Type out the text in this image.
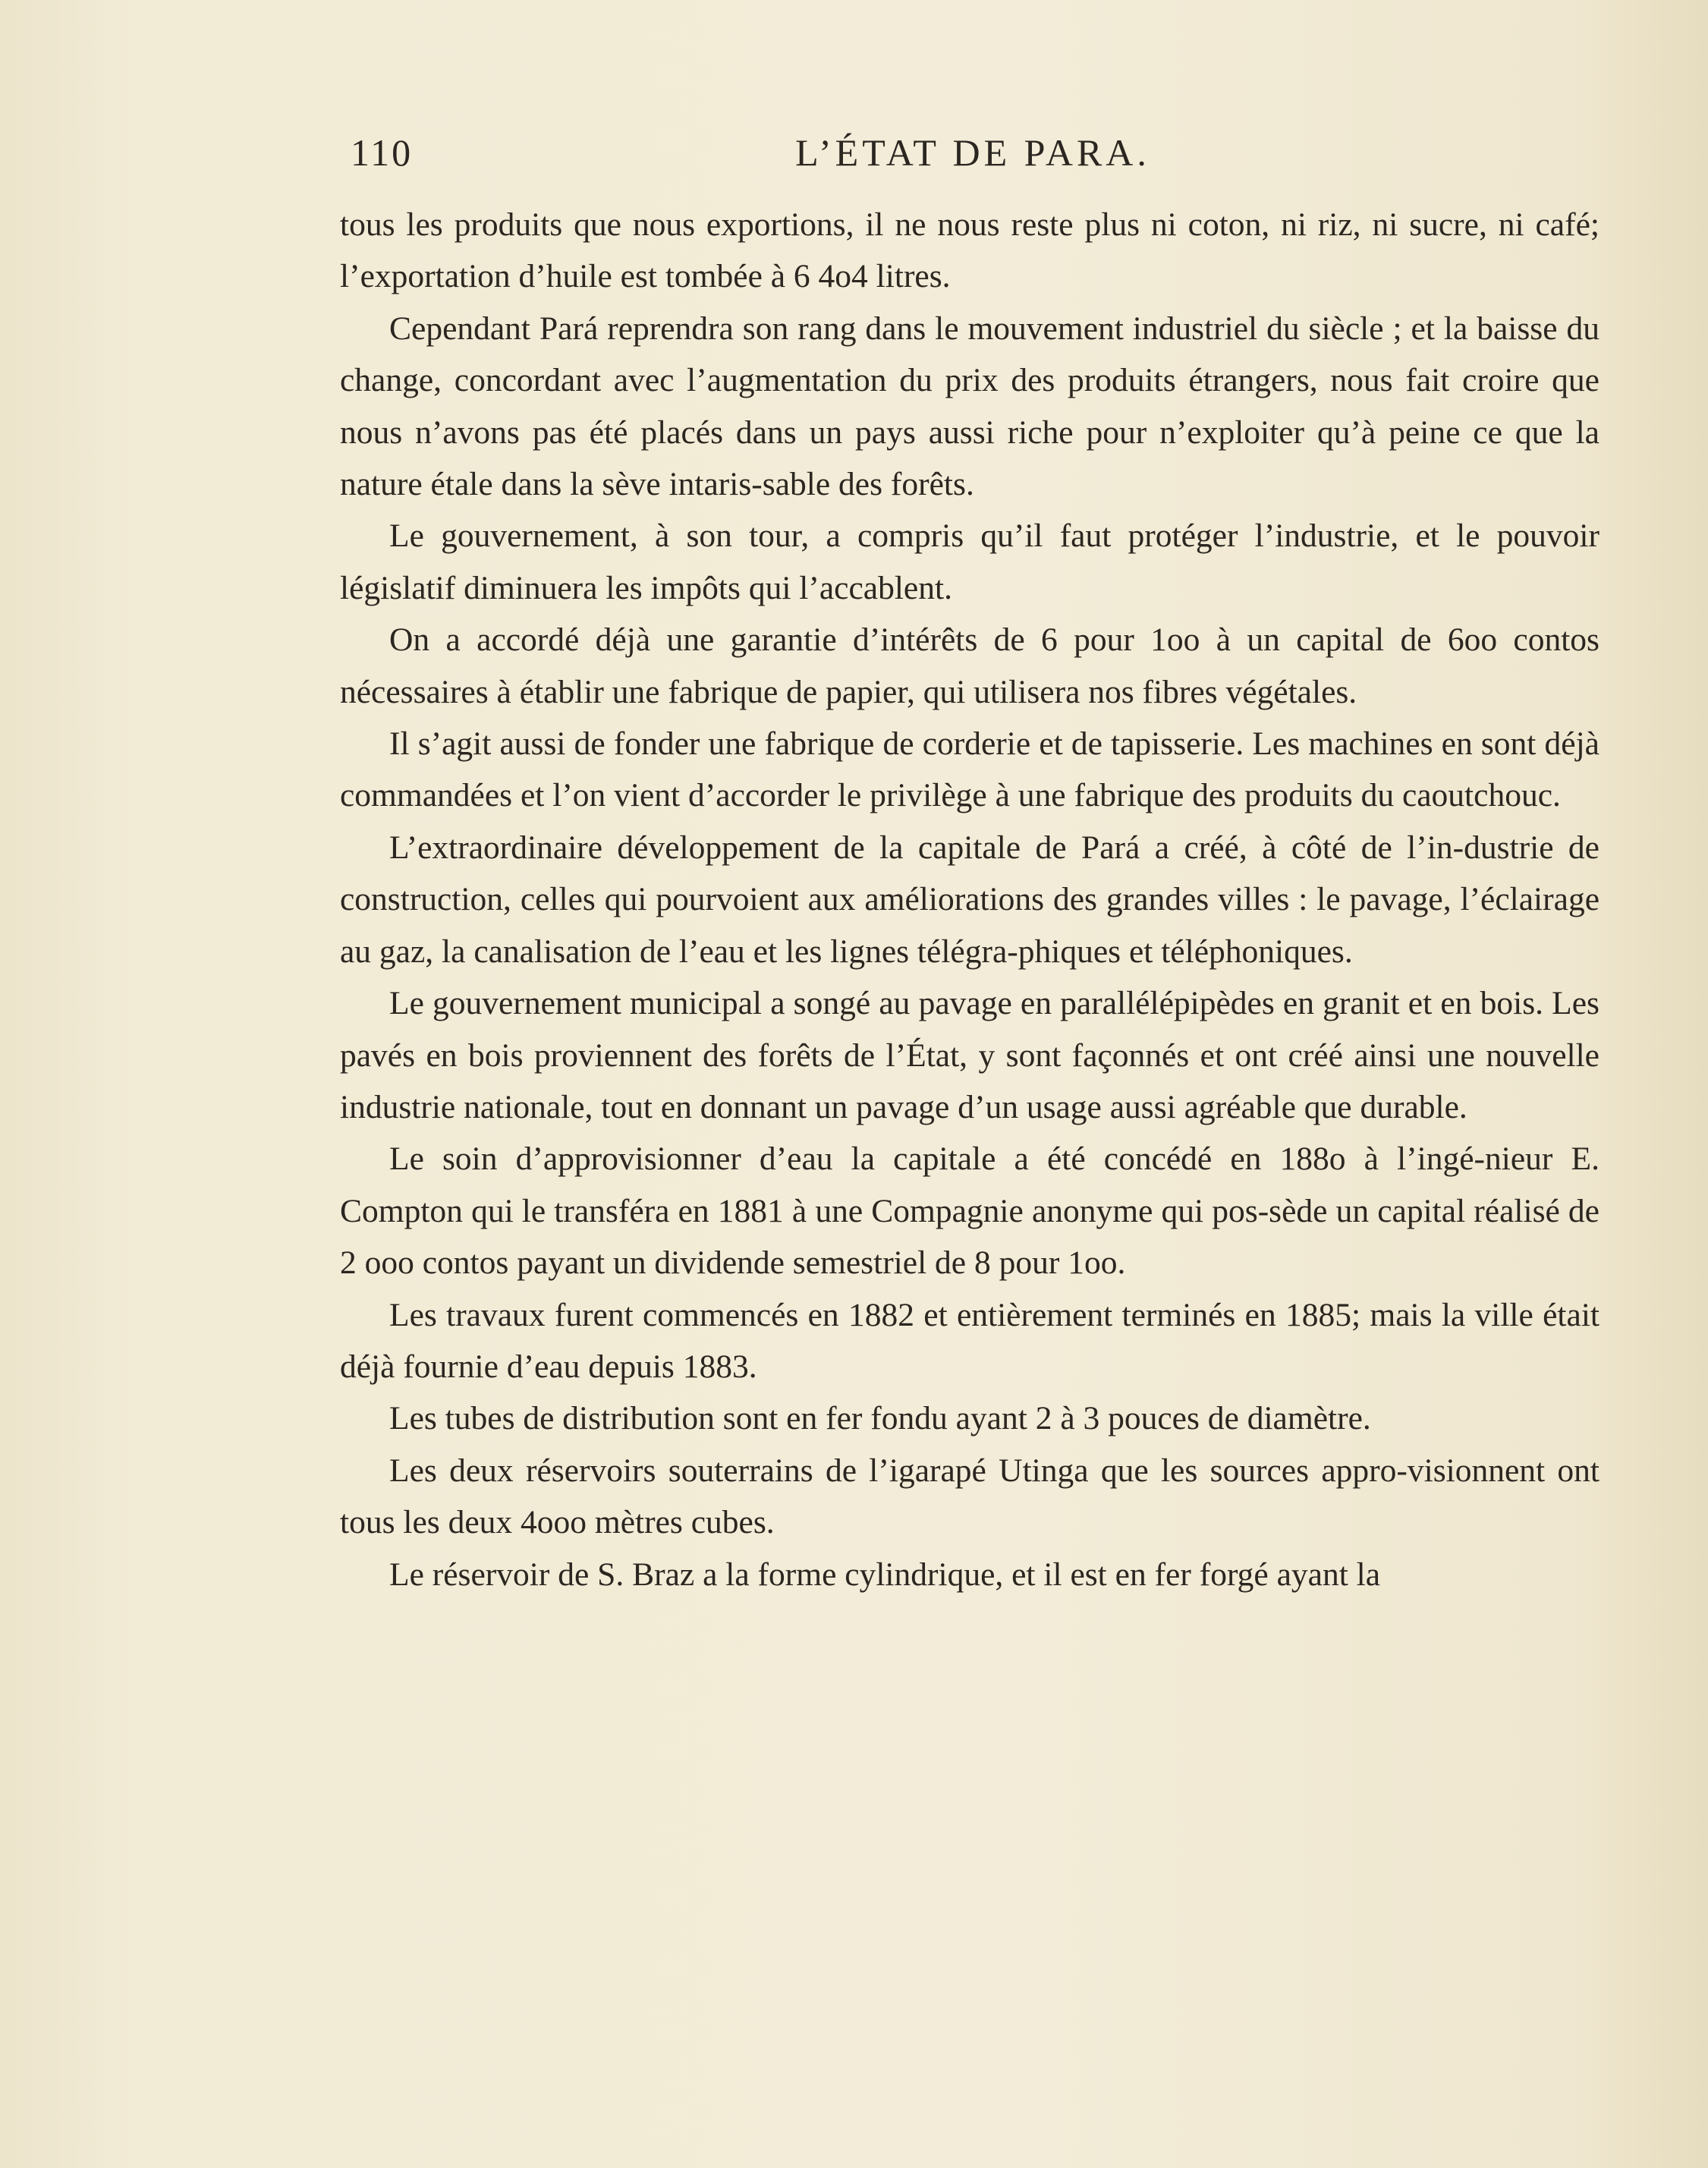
110	L’ÉTAT DE PARA.

tous les produits que nous exportions, il ne nous reste plus ni coton, ni riz, ni sucre, ni café; l’exportation d’huile est tombée à 6 4o4 litres.

Cependant Pará reprendra son rang dans le mouvement industriel du siècle ; et la baisse du change, concordant avec l’augmentation du prix des produits étrangers, nous fait croire que nous n’avons pas été placés dans un pays aussi riche pour n’exploiter qu’à peine ce que la nature étale dans la sève intaris-sable des forêts.

Le gouvernement, à son tour, a compris qu’il faut protéger l’industrie, et le pouvoir législatif diminuera les impôts qui l’accablent.

On a accordé déjà une garantie d’intérêts de 6 pour 1oo à un capital de 6oo contos nécessaires à établir une fabrique de papier, qui utilisera nos fibres végétales.

Il s’agit aussi de fonder une fabrique de corderie et de tapisserie. Les machines en sont déjà commandées et l’on vient d’accorder le privilège à une fabrique des produits du caoutchouc.

L’extraordinaire développement de la capitale de Pará a créé, à côté de l’in-dustrie de construction, celles qui pourvoient aux améliorations des grandes villes : le pavage, l’éclairage au gaz, la canalisation de l’eau et les lignes télégra-phiques et téléphoniques.

Le gouvernement municipal a songé au pavage en parallélépipèdes en granit et en bois. Les pavés en bois proviennent des forêts de l’État, y sont façonnés et ont créé ainsi une nouvelle industrie nationale, tout en donnant un pavage d’un usage aussi agréable que durable.

Le soin d’approvisionner d’eau la capitale a été concédé en 188o à l’ingé-nieur E. Compton qui le transféra en 1881 à une Compagnie anonyme qui pos-sède un capital réalisé de 2 ooo contos payant un dividende semestriel de 8 pour 1oo.

Les travaux furent commencés en 1882 et entièrement terminés en 1885; mais la ville était déjà fournie d’eau depuis 1883.

Les tubes de distribution sont en fer fondu ayant 2 à 3 pouces de diamètre.

Les deux réservoirs souterrains de l’igarapé Utinga que les sources appro-visionnent ont tous les deux 4ooo mètres cubes.

Le réservoir de S. Braz a la forme cylindrique, et il est en fer forgé ayant la
